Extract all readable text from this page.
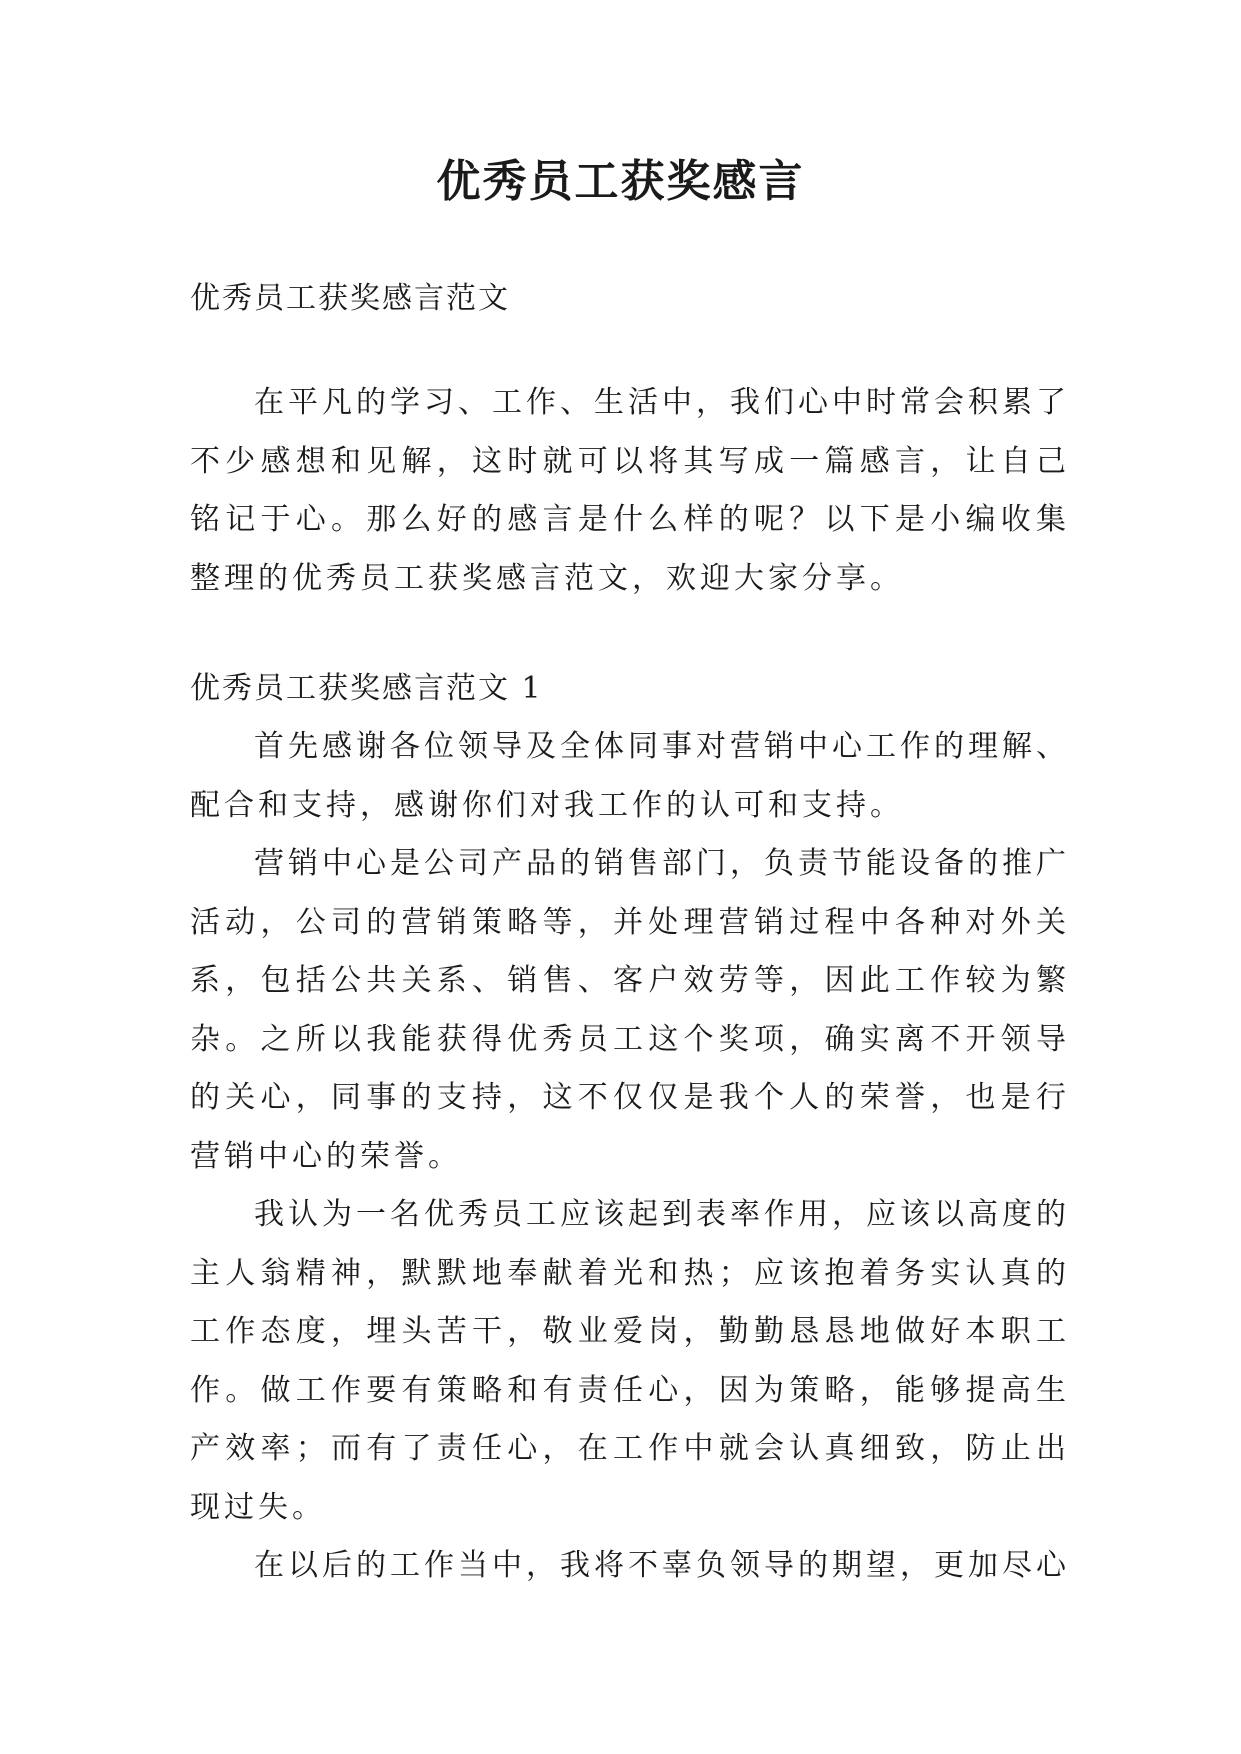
优秀员工获奖感言

优秀员工获奖感言范文

在平凡的学习、工作、生活中，我们心中时常会积累了不少感想和见解，这时就可以将其写成一篇感言，让自己铭记于心。那么好的感言是什么样的呢？以下是小编收集整理的优秀员工获奖感言范文，欢迎大家分享。

优秀员工获奖感言范文 1

首先感谢各位领导及全体同事对营销中心工作的理解、配合和支持，感谢你们对我工作的认可和支持。

营销中心是公司产品的销售部门，负责节能设备的推广活动，公司的营销策略等，并处理营销过程中各种对外关系，包括公共关系、销售、客户效劳等，因此工作较为繁杂。之所以我能获得优秀员工这个奖项，确实离不开领导的关心，同事的支持，这不仅仅是我个人的荣誉，也是行营销中心的荣誉。

我认为一名优秀员工应该起到表率作用，应该以高度的主人翁精神，默默地奉献着光和热；应该抱着务实认真的工作态度，埋头苦干，敬业爱岗，勤勤恳恳地做好本职工作。做工作要有策略和有责任心，因为策略，能够提高生产效率；而有了责任心，在工作中就会认真细致，防止出现过失。

在以后的工作当中，我将不辜负领导的期望，更加尽心
